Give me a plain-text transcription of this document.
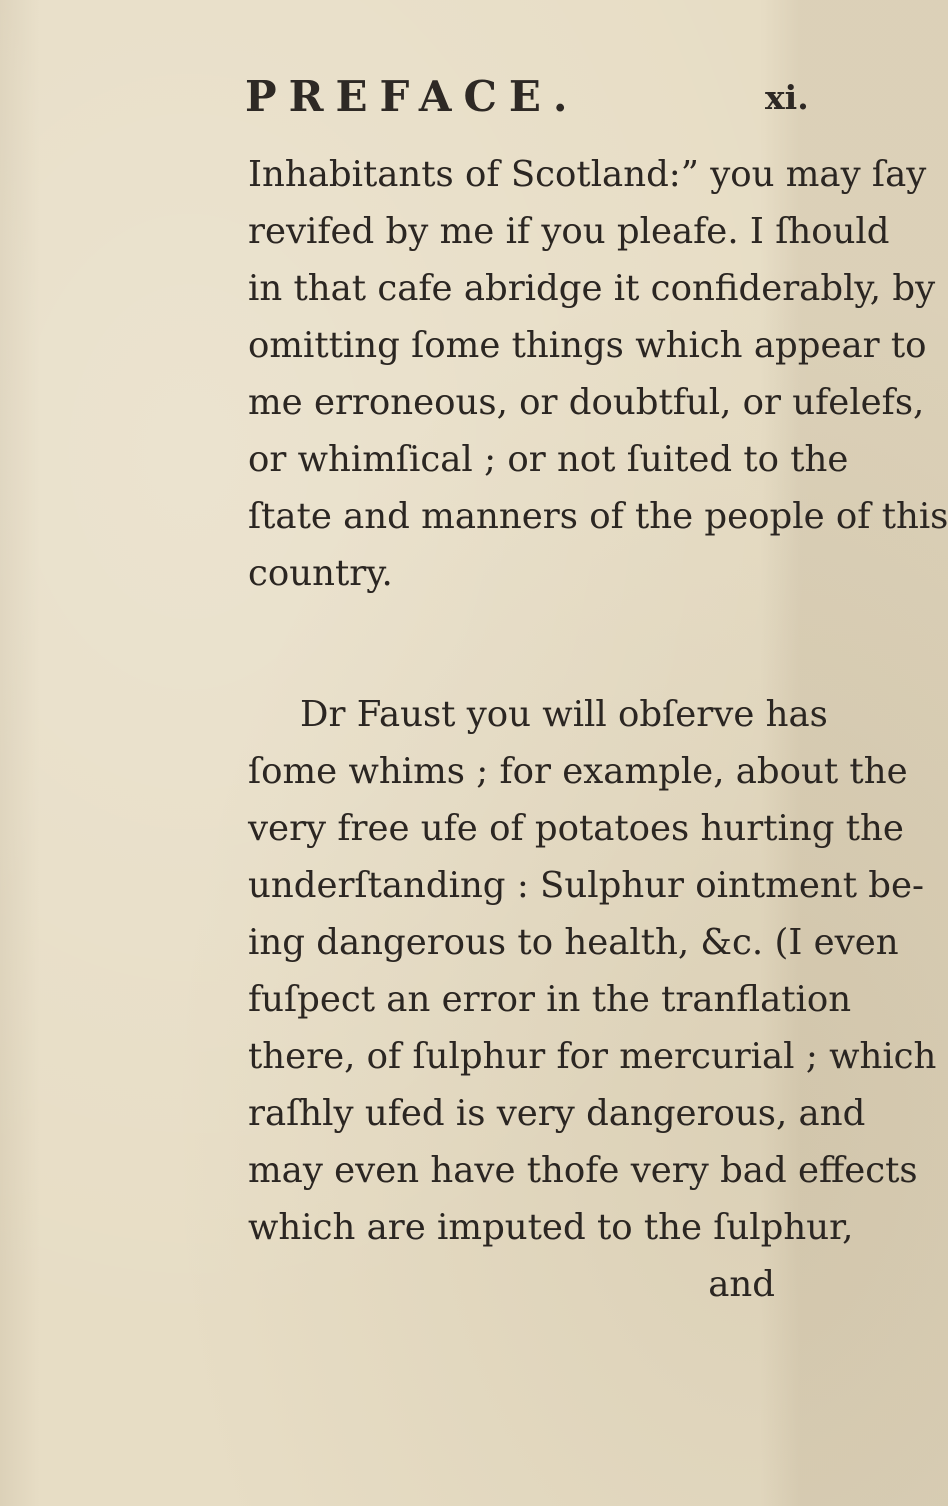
PREFACE.	xi.
Inhabitants of Scotland:” you may ſay
revifed by me if you pleafe. I ſhould
in that cafe abridge it confiderably, by
omitting ſome things which appear to
me erroneous, or doubtful, or ufelefs,
or whimſical ; or not ſuited to the
ſtate and manners of the people of this
country.
Dr Faust you will obſerve has
ſome whims ; for example, about the
very free ufe of potatoes hurting the
underſtanding : Sulphur ointment be-
ing dangerous to health, &c. (I even
fuſpect an error in the tranflation
there, of ſulphur for mercurial ; which
raſhly ufed is very dangerous, and
may even have thofe very bad effects
which are imputed to the ſulphur,
and
